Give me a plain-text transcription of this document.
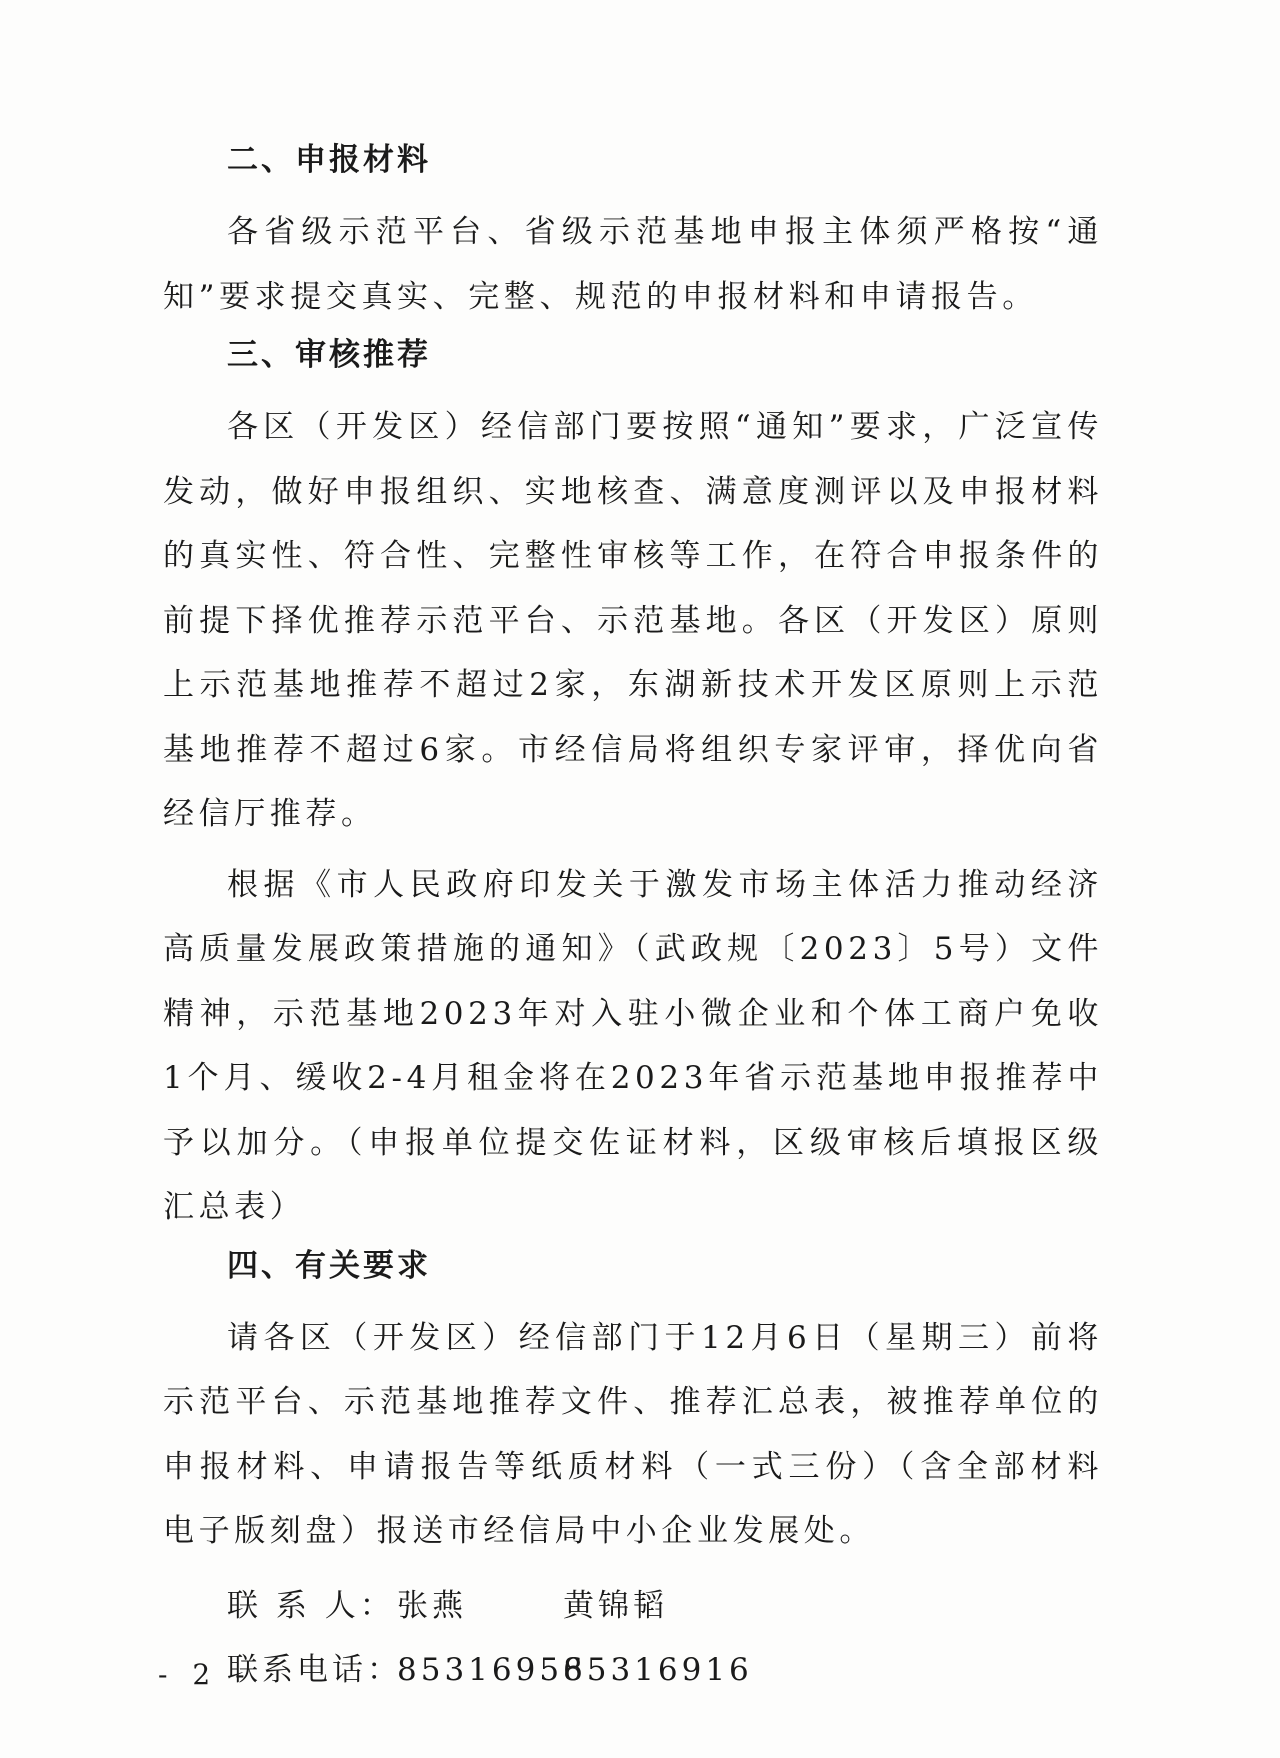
二、申报材料

各省级示范平台、省级示范基地申报主体须严格按“通知”要求提交真实、完整、规范的申报材料和申请报告。

三、审核推荐

各区（开发区）经信部门要按照“通知”要求，广泛宣传发动，做好申报组织、实地核查、满意度测评以及申报材料的真实性、符合性、完整性审核等工作，在符合申报条件的前提下择优推荐示范平台、示范基地。各区（开发区）原则上示范基地推荐不超过2家，东湖新技术开发区原则上示范基地推荐不超过6家。市经信局将组织专家评审，择优向省经信厅推荐。

根据《市人民政府印发关于激发市场主体活力推动经济高质量发展政策措施的通知》（武政规〔2023〕5号）文件精神，示范基地2023年对入驻小微企业和个体工商户免收1个月、缓收2-4月租金将在2023年省示范基地申报推荐中予以加分。（申报单位提交佐证材料，区级审核后填报区级汇总表）

四、有关要求

请各区（开发区）经信部门于12月6日（星期三）前将示范平台、示范基地推荐文件、推荐汇总表，被推荐单位的申报材料、申请报告等纸质材料（一式三份）（含全部材料电子版刻盘）报送市经信局中小企业发展处。

联 系 人：张燕	黄锦韬
联系电话：8531695685316916
- 2 -
